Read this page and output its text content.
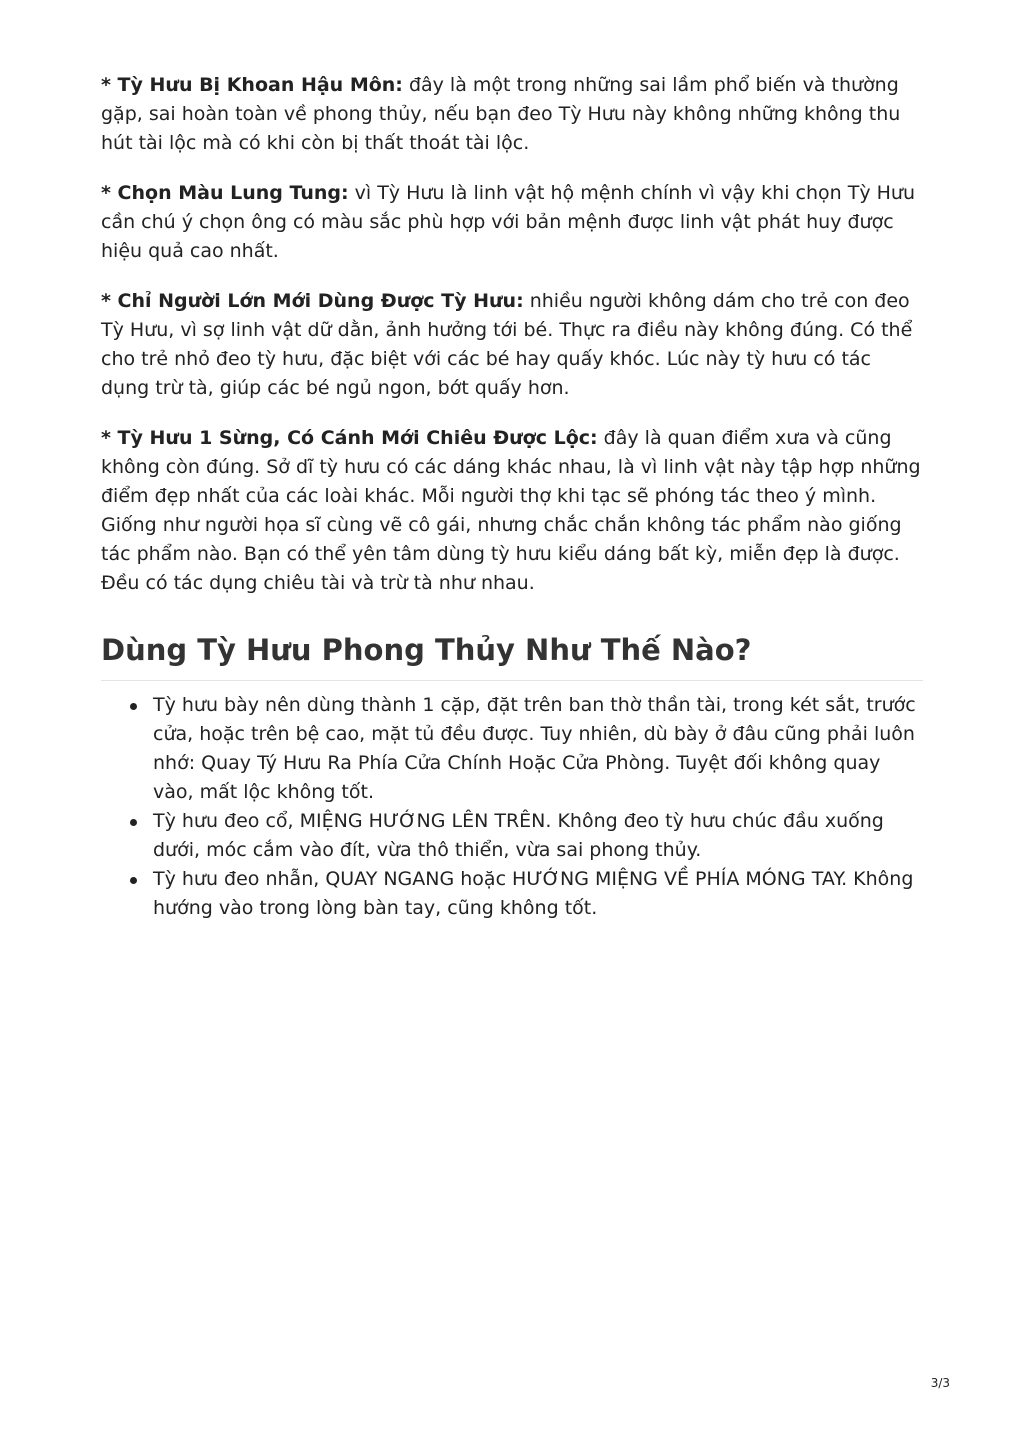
* Tỳ Hưu Bị Khoan Hậu Môn: đây là một trong những sai lầm phổ biến và thường gặp, sai hoàn toàn về phong thủy, nếu bạn đeo Tỳ Hưu này không những không thu hút tài lộc mà có khi còn bị thất thoát tài lộc.

* Chọn Màu Lung Tung: vì Tỳ Hưu là linh vật hộ mệnh chính vì vậy khi chọn Tỳ Hưu cần chú ý chọn ông có màu sắc phù hợp với bản mệnh được linh vật phát huy được hiệu quả cao nhất.

* Chỉ Người Lớn Mới Dùng Được Tỳ Hưu: nhiều người không dám cho trẻ con đeo Tỳ Hưu, vì sợ linh vật dữ dằn, ảnh hưởng tới bé. Thực ra điều này không đúng. Có thể cho trẻ nhỏ đeo tỳ hưu, đặc biệt với các bé hay quấy khóc. Lúc này tỳ hưu có tác dụng trừ tà, giúp các bé ngủ ngon, bớt quấy hơn.

* Tỳ Hưu 1 Sừng, Có Cánh Mới Chiêu Được Lộc: đây là quan điểm xưa và cũng không còn đúng. Sở dĩ tỳ hưu có các dáng khác nhau, là vì linh vật này tập hợp những điểm đẹp nhất của các loài khác. Mỗi người thợ khi tạc sẽ phóng tác theo ý mình. Giống như người họa sĩ cùng vẽ cô gái, nhưng chắc chắn không tác phẩm nào giống tác phẩm nào. Bạn có thể yên tâm dùng tỳ hưu kiểu dáng bất kỳ, miễn đẹp là được. Đều có tác dụng chiêu tài và trừ tà như nhau.

Dùng Tỳ Hưu Phong Thủy Như Thế Nào?
Tỳ hưu bày nên dùng thành 1 cặp, đặt trên ban thờ thần tài, trong két sắt, trước cửa, hoặc trên bệ cao, mặt tủ đều được. Tuy nhiên, dù bày ở đâu cũng phải luôn nhớ: Quay Tý Hưu Ra Phía Cửa Chính Hoặc Cửa Phòng. Tuyệt đối không quay vào, mất lộc không tốt.
Tỳ hưu đeo cổ, MIỆNG HƯỚNG LÊN TRÊN. Không đeo tỳ hưu chúc đầu xuống dưới, móc cắm vào đít, vừa thô thiển, vừa sai phong thủy.
Tỳ hưu đeo nhẫn, QUAY NGANG hoặc HƯỚNG MIỆNG VỀ PHÍA MÓNG TAY. Không hướng vào trong lòng bàn tay, cũng không tốt.
3/3
